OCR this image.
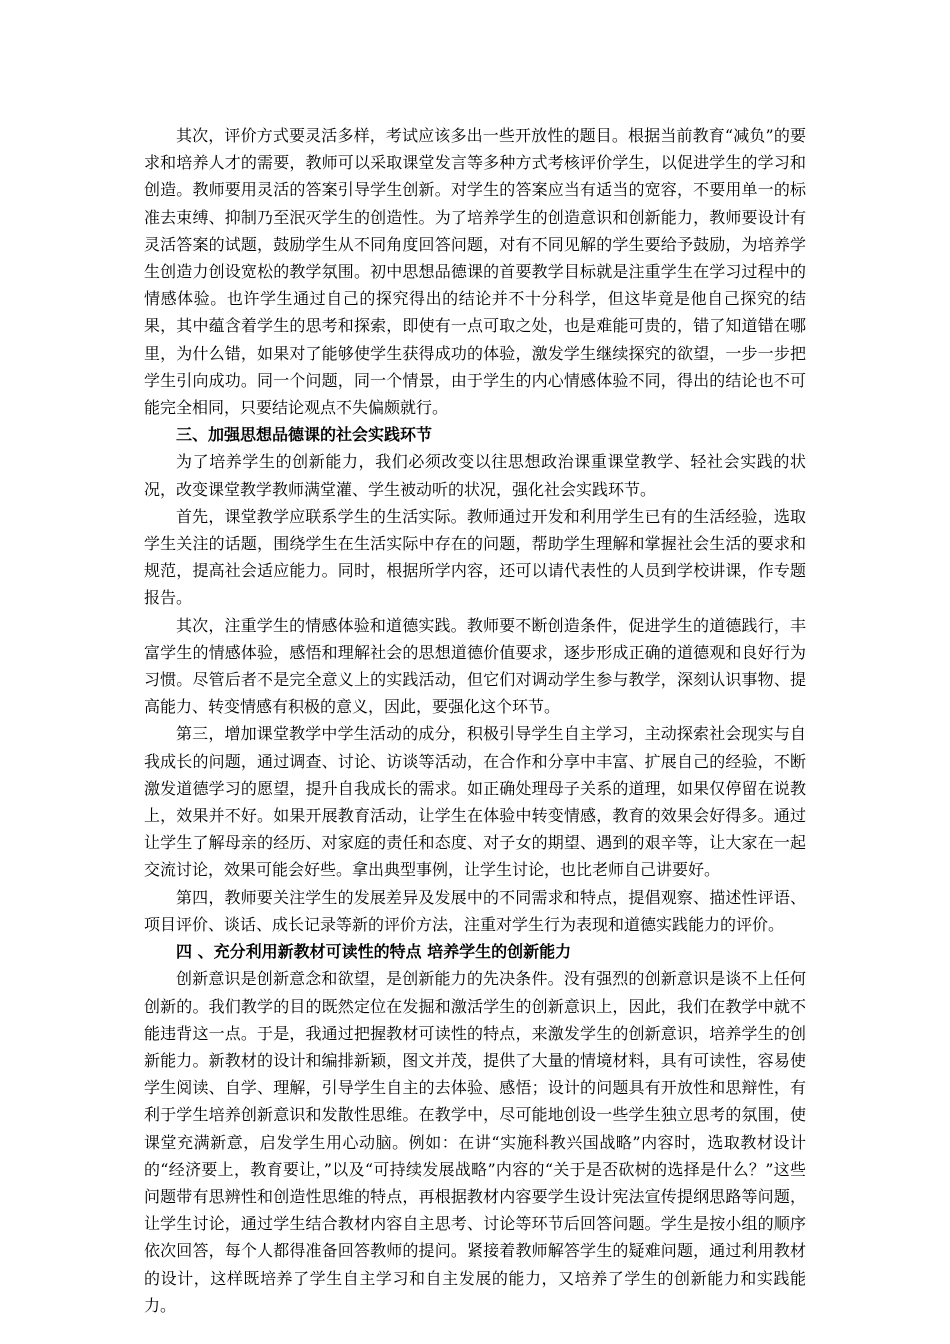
其次，评价方式要灵活多样，考试应该多出一些开放性的题目。根据当前教育“减负”的要求和培养人才的需要，教师可以采取课堂发言等多种方式考核评价学生，以促进学生的学习和创造。教师要用灵活的答案引导学生创新。对学生的答案应当有适当的宽容，不要用单一的标准去束缚、抑制乃至泯灭学生的创造性。为了培养学生的创造意识和创新能力，教师要设计有灵活答案的试题，鼓励学生从不同角度回答问题，对有不同见解的学生要给予鼓励，为培养学生创造力创设宽松的教学氛围。初中思想品德课的首要教学目标就是注重学生在学习过程中的情感体验。也许学生通过自己的探究得出的结论并不十分科学，但这毕竟是他自己探究的结果，其中蕴含着学生的思考和探索，即使有一点可取之处，也是难能可贵的，错了知道错在哪里，为什么错，如果对了能够使学生获得成功的体验，激发学生继续探究的欲望，一步一步把学生引向成功。同一个问题，同一个情景，由于学生的内心情感体验不同，得出的结论也不可能完全相同，只要结论观点不失偏颇就行。

三、加强思想品德课的社会实践环节

为了培养学生的创新能力，我们必须改变以往思想政治课重课堂教学、轻社会实践的状况，改变课堂教学教师满堂灌、学生被动听的状况，强化社会实践环节。

首先，课堂教学应联系学生的生活实际。教师通过开发和利用学生已有的生活经验，选取学生关注的话题，围绕学生在生活实际中存在的问题，帮助学生理解和掌握社会生活的要求和规范，提高社会适应能力。同时，根据所学内容，还可以请代表性的人员到学校讲课，作专题报告。

其次，注重学生的情感体验和道德实践。教师要不断创造条件，促进学生的道德践行，丰富学生的情感体验，感悟和理解社会的思想道德价值要求，逐步形成正确的道德观和良好行为习惯。尽管后者不是完全意义上的实践活动，但它们对调动学生参与教学，深刻认识事物、提高能力、转变情感有积极的意义，因此，要强化这个环节。

第三，增加课堂教学中学生活动的成分，积极引导学生自主学习，主动探索社会现实与自我成长的问题，通过调查、讨论、访谈等活动，在合作和分享中丰富、扩展自己的经验，不断激发道德学习的愿望，提升自我成长的需求。如正确处理母子关系的道理，如果仅停留在说教上，效果并不好。如果开展教育活动，让学生在体验中转变情感，教育的效果会好得多。通过让学生了解母亲的经历、对家庭的责任和态度、对子女的期望、遇到的艰辛等，让大家在一起交流讨论，效果可能会好些。拿出典型事例，让学生讨论，也比老师自己讲要好。

第四，教师要关注学生的发展差异及发展中的不同需求和特点，提倡观察、描述性评语、项目评价、谈话、成长记录等新的评价方法，注重对学生行为表现和道德实践能力的评价。

四 、充分利用新教材可读性的特点 培养学生的创新能力

创新意识是创新意念和欲望，是创新能力的先决条件。没有强烈的创新意识是谈不上任何创新的。我们教学的目的既然定位在发掘和激活学生的创新意识上，因此，我们在教学中就不能违背这一点。于是，我通过把握教材可读性的特点，来激发学生的创新意识，培养学生的创新能力。新教材的设计和编排新颖，图文并茂，提供了大量的情境材料，具有可读性，容易使学生阅读、自学、理解，引导学生自主的去体验、感悟；设计的问题具有开放性和思辩性，有利于学生培养创新意识和发散性思维。在教学中，尽可能地创设一些学生独立思考的氛围，使课堂充满新意，启发学生用心动脑。例如：在讲“实施科教兴国战略”内容时，选取教材设计的“经济要上，教育要让，”以及“可持续发展战略”内容的“关于是否砍树的选择是什么？”这些问题带有思辨性和创造性思维的特点，再根据教材内容要学生设计宪法宣传提纲思路等问题，让学生讨论，通过学生结合教材内容自主思考、讨论等环节后回答问题。学生是按小组的顺序依次回答，每个人都得准备回答教师的提问。紧接着教师解答学生的疑难问题，通过利用教材的设计，这样既培养了学生自主学习和自主发展的能力，又培养了学生的创新能力和实践能力。
